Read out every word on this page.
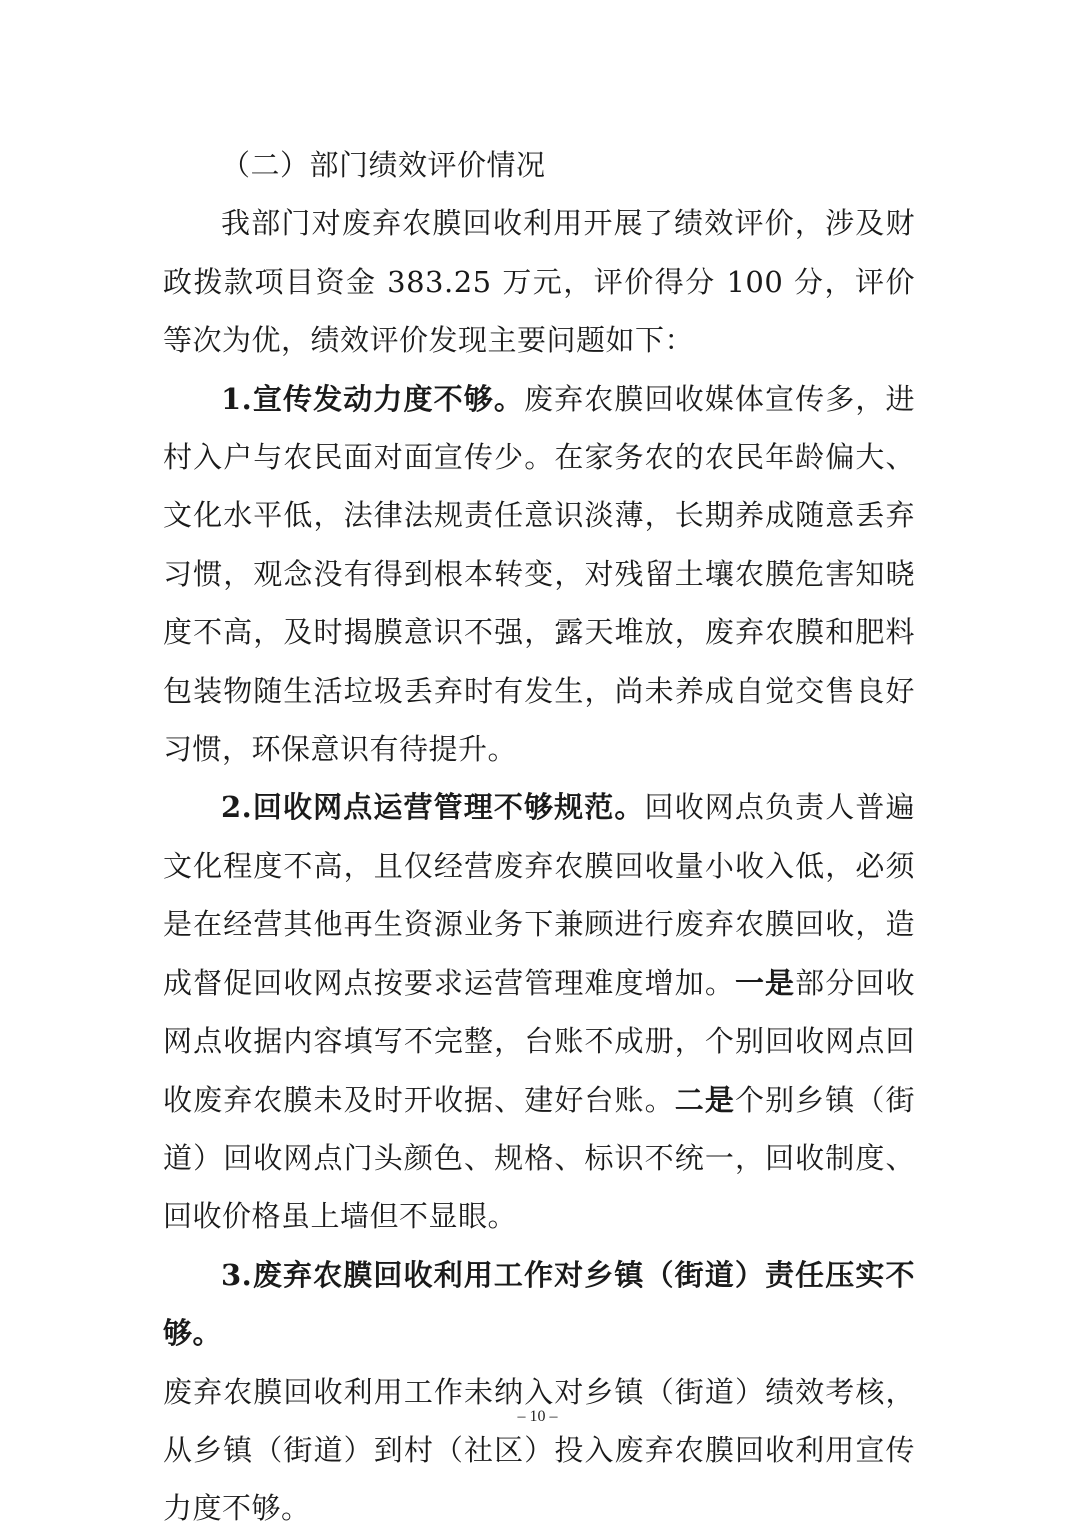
（二）部门绩效评价情况

我部门对废弃农膜回收利用开展了绩效评价，涉及财政拨款项目资金 383.25 万元，评价得分 100 分，评价等次为优，绩效评价发现主要问题如下：

1.宣传发动力度不够。废弃农膜回收媒体宣传多，进村入户与农民面对面宣传少。在家务农的农民年龄偏大、文化水平低，法律法规责任意识淡薄，长期养成随意丢弃习惯，观念没有得到根本转变，对残留土壤农膜危害知晓度不高，及时揭膜意识不强，露天堆放，废弃农膜和肥料包装物随生活垃圾丢弃时有发生，尚未养成自觉交售良好习惯，环保意识有待提升。

2.回收网点运营管理不够规范。回收网点负责人普遍文化程度不高，且仅经营废弃农膜回收量小收入低，必须是在经营其他再生资源业务下兼顾进行废弃农膜回收，造成督促回收网点按要求运营管理难度增加。一是部分回收网点收据内容填写不完整，台账不成册，个别回收网点回收废弃农膜未及时开收据、建好台账。二是个别乡镇（街道）回收网点门头颜色、规格、标识不统一，回收制度、回收价格虽上墙但不显眼。

3.废弃农膜回收利用工作对乡镇（街道）责任压实不够。

废弃农膜回收利用工作未纳入对乡镇（街道）绩效考核，从乡镇（街道）到村（社区）投入废弃农膜回收利用宣传力度不够。

– 10 –
